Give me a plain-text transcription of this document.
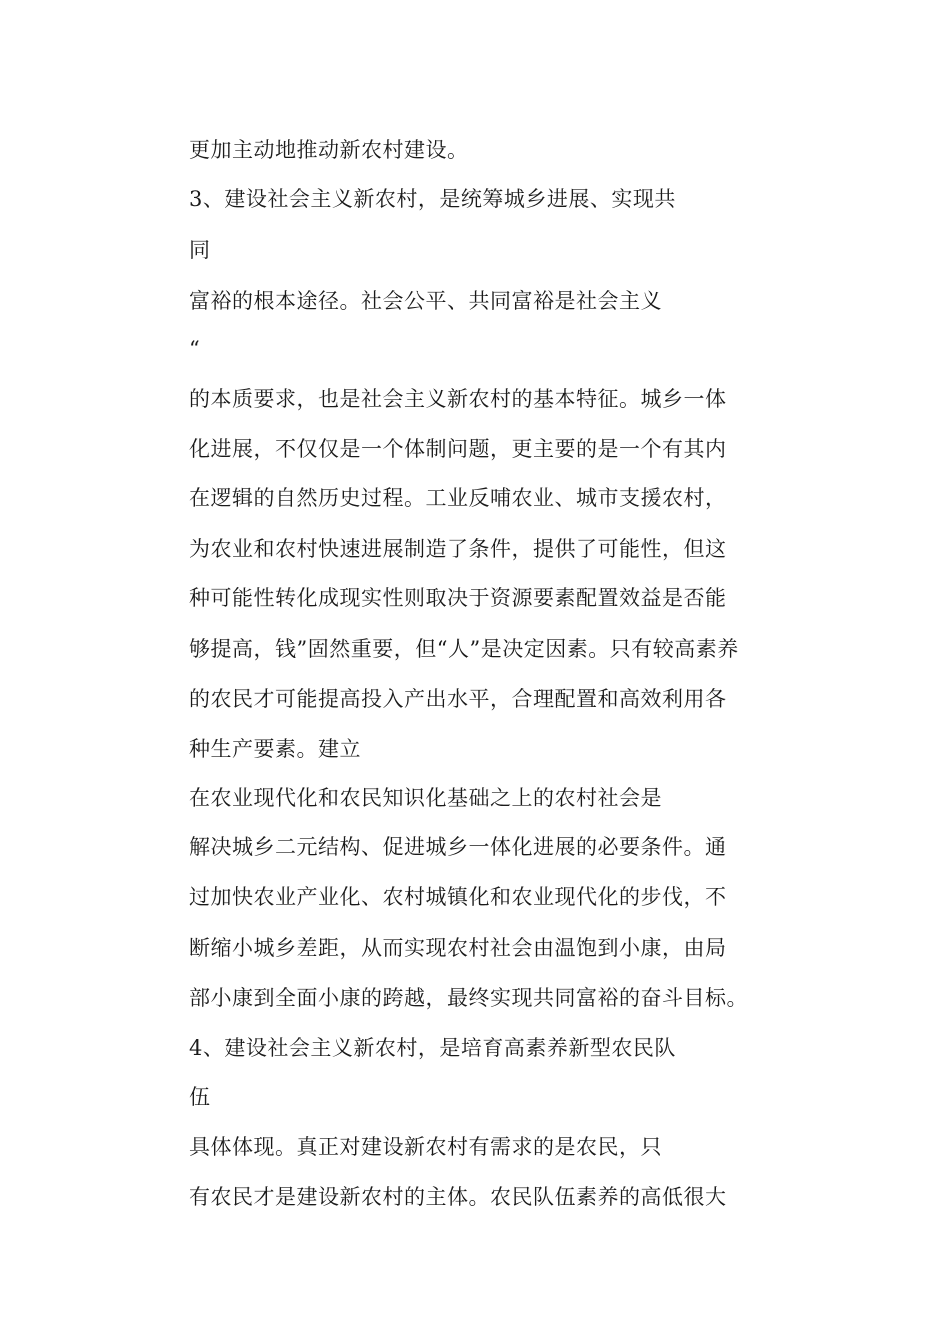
更加主动地推动新农村建设。
3、建设社会主义新农村，是统筹城乡进展、实现共
同
富裕的根本途径。社会公平、共同富裕是社会主义
“
的本质要求，也是社会主义新农村的基本特征。城乡一体
化进展，不仅仅是一个体制问题，更主要的是一个有其内
在逻辑的自然历史过程。工业反哺农业、城市支援农村，
为农业和农村快速进展制造了条件，提供了可能性，但这
种可能性转化成现实性则取决于资源要素配置效益是否能
够提高，钱”固然重要，但“人”是决定因素。只有较高素养
的农民才可能提高投入产出水平，合理配置和高效利用各
种生产要素。建立
在农业现代化和农民知识化基础之上的农村社会是
解决城乡二元结构、促进城乡一体化进展的必要条件。通
过加快农业产业化、农村城镇化和农业现代化的步伐，不
断缩小城乡差距，从而实现农村社会由温饱到小康，由局
部小康到全面小康的跨越，最终实现共同富裕的奋斗目标。
4、建设社会主义新农村，是培育高素养新型农民队
伍
具体体现。真正对建设新农村有需求的是农民，只
有农民才是建设新农村的主体。农民队伍素养的高低很大
